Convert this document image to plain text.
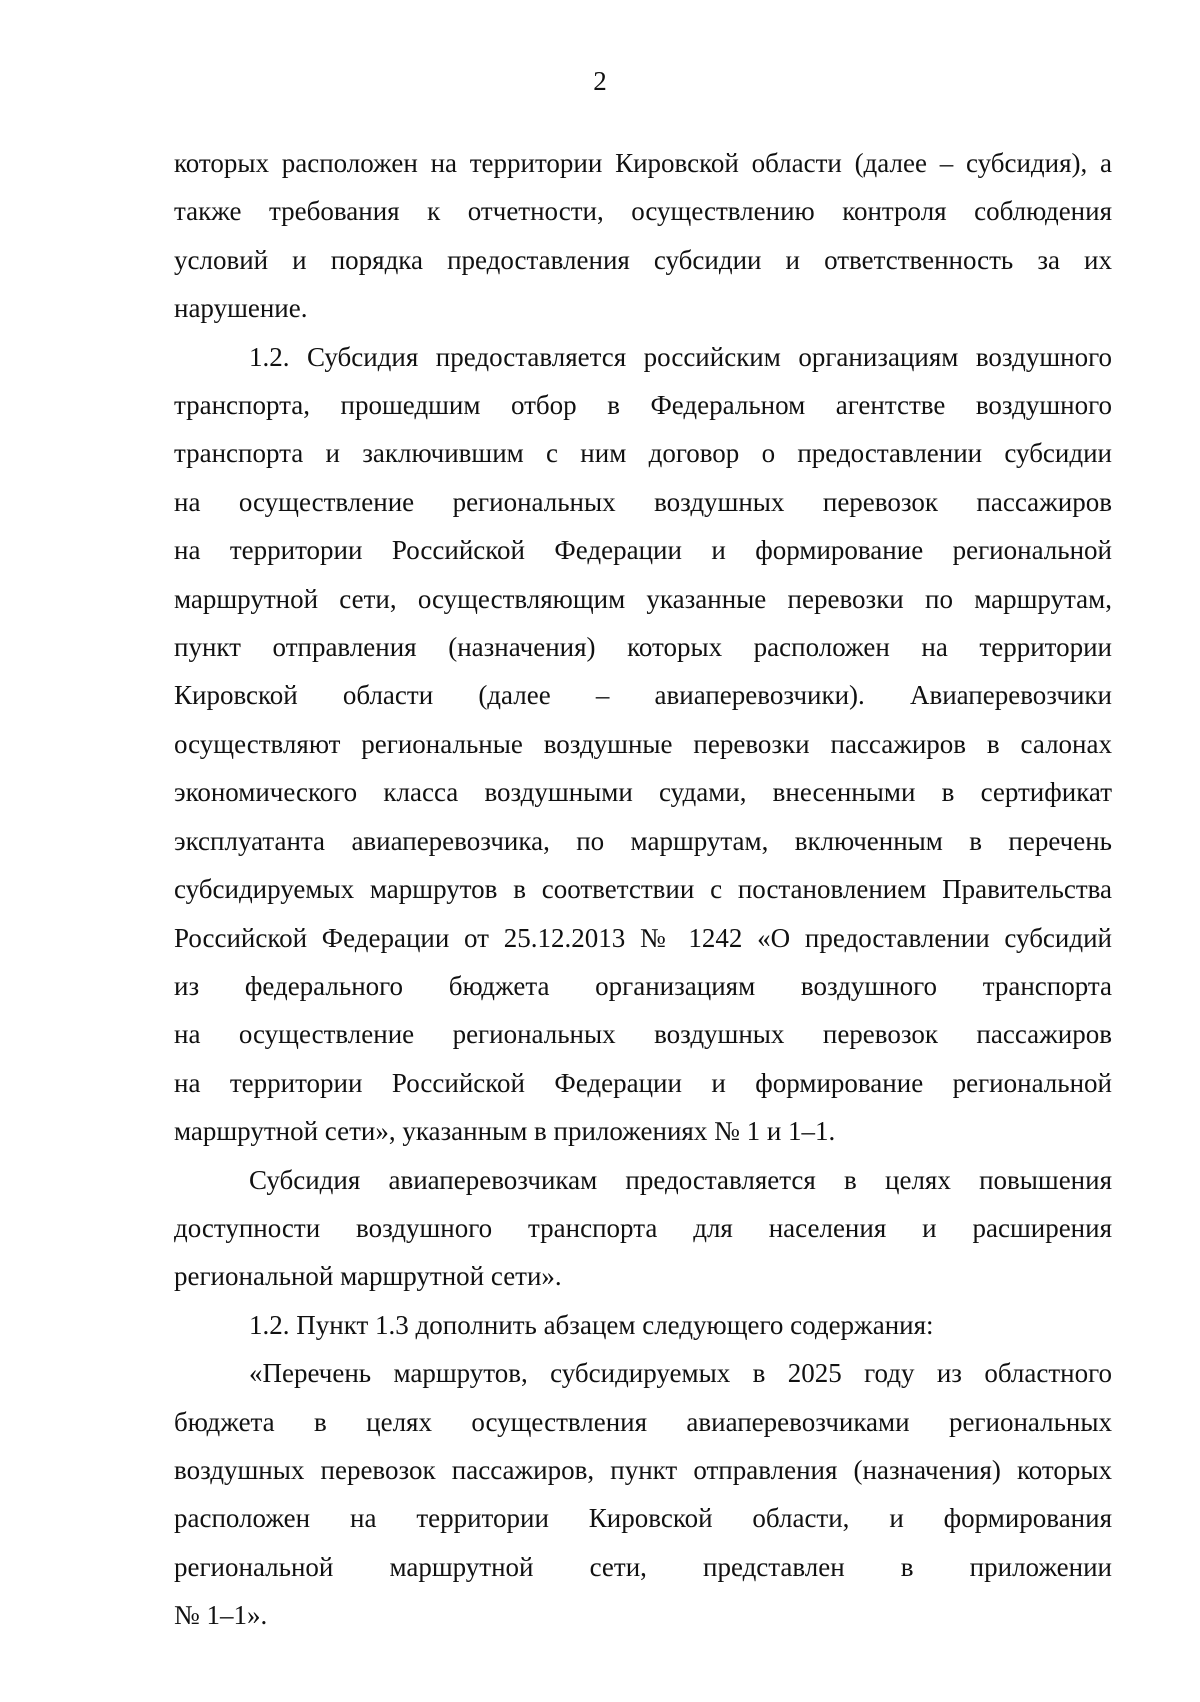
2
которых расположен на территории Кировской области (далее – субсидия), а
также требования к отчетности, осуществлению контроля соблюдения
условий и порядка предоставления субсидии и ответственность за их
нарушение.
1.2. Субсидия предоставляется российским организациям воздушного
транспорта, прошедшим отбор в Федеральном агентстве воздушного
транспорта и заключившим с ним договор о предоставлении субсидии
на осуществление региональных воздушных перевозок пассажиров
на территории Российской Федерации и формирование региональной
маршрутной сети, осуществляющим указанные перевозки по маршрутам,
пункт отправления (назначения) которых расположен на территории
Кировской области (далее – авиаперевозчики). Авиаперевозчики
осуществляют региональные воздушные перевозки пассажиров в салонах
экономического класса воздушными судами, внесенными в сертификат
эксплуатанта авиаперевозчика, по маршрутам, включенным в перечень
субсидируемых маршрутов в соответствии с постановлением Правительства
Российской Федерации от 25.12.2013 № 1242 «О предоставлении субсидий
из федерального бюджета организациям воздушного транспорта
на осуществление региональных воздушных перевозок пассажиров
на территории Российской Федерации и формирование региональной
маршрутной сети», указанным в приложениях № 1 и 1–1.
Субсидия авиаперевозчикам предоставляется в целях повышения
доступности воздушного транспорта для населения и расширения
региональной маршрутной сети».
1.2. Пункт 1.3 дополнить абзацем следующего содержания:
«Перечень маршрутов, субсидируемых в 2025 году из областного
бюджета в целях осуществления авиаперевозчиками региональных
воздушных перевозок пассажиров, пункт отправления (назначения) которых
расположен на территории Кировской области, и формирования
региональной маршрутной сети, представлен в приложении
№ 1–1».
